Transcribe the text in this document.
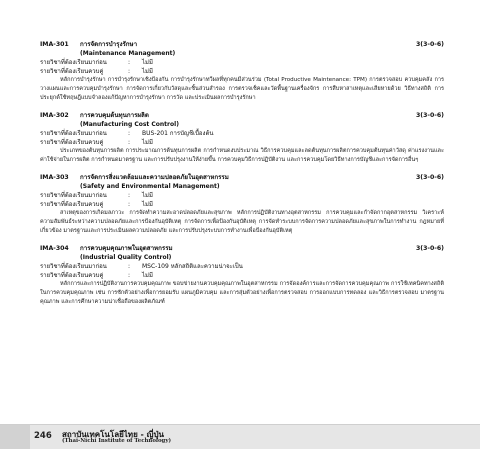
IMA-301	การจัดการบำรุงรักษา	3(3-0-6)
(Maintenance Management)
รายวิชาที่ต้องเรียนมาก่อน	:	ไม่มี
รายวิชาที่ต้องเรียนควบคู่	:	ไม่มี
หลักการบำรุงรักษา การบำรุงรักษาเชิงป้องกัน การบำรุงรักษาทวีผลที่ทุกคนมีส่วนร่วม (Total Productive Maintenance: TPM) การตรวจสอบ ควบคุมคลัง การวางแผนและการควบคุมบำรุงรักษา การจัดการเกี่ยวกับวัสดุและชิ้นส่วนสำรอง การตรวจเช็คและวัดพื้นฐานเครื่องจักร การสืบหาสาเหตุและเสียหายด้วย วิธีทางสถิติ การประยุกต์ใช้ทฤษฎีแบบจำลองแก้ปัญหาการบำรุงรักษา การวัด และประเมินผลการบำรุงรักษา
IMA-302	การควบคุมต้นทุนการผลิต	3(3-0-6)
(Manufacturing Cost Control)
รายวิชาที่ต้องเรียนมาก่อน	:	BUS-201 การบัญชีเบื้องต้น
รายวิชาที่ต้องเรียนควบคู่	:	ไม่มี
ประเภทของต้นทุนการผลิต การประมาณการต้นทุนการผลิต การกำหนดงบประมาณ วิธีการควบคุมและลดต้นทุนการผลิตการควบคุมต้นทุนค่าวัสดุ ค่าแรงงานและค่าใช้จ่ายในการผลิต การกำหนดมาตรฐาน และการปรับปรุงงานให้ง่ายขึ้น การควบคุมวิธีการปฏิบัติงาน และการควบคุมโดยวิธีทางการบัญชีและการจัดการอื่นๆ
IMA-303	การจัดการสิ่งแวดล้อมและความปลอดภัยในอุตสาหกรรม	3(3-0-6)
(Safety and Environmental Management)
รายวิชาที่ต้องเรียนมาก่อน	:	ไม่มี
รายวิชาที่ต้องเรียนควบคู่	:	ไม่มี
สาเหตุของการเกิดมลภาวะ การจัดทำความสะอาดปลอดภัยและสุขภาพ หลักการปฏิบัติงานทางอุตสาหกรรม การควบคุมและกำจัดกากอุตสาหกรรม วิเคราะห์ความสัมพันธ์ระหว่างความปลอดภัยและการป้องกันอุบัติเหตุ การจัดการเพื่อป้องกันอุบัติเหตุ การจัดทำระบบการจัดการความปลอดภัยและสุขภาพในการทำงาน กฎหมายที่เกี่ยวข้อง มาตรฐานและการประเมินผลความปลอดภัย และการปรับปรุงระบบการทำงานเพื่อป้องกันอุบัติเหตุ
IMA-304	การควบคุมคุณภาพในอุตสาหกรรม	3(3-0-6)
(Industrial Quality Control)
รายวิชาที่ต้องเรียนมาก่อน	:	MSC-109 หลักสถิติและความน่าจะเป็น
รายวิชาที่ต้องเรียนควบคู่	:	ไม่มี
หลักการและการปฏิบัติงานการควบคุมคุณภาพ ขอบข่ายงานควบคุมคุณภาพในอุตสาหกรรม การจัดองค์การและการจัดการควบคุมคุณภาพ การใช้เทคนิคทางสถิติในการควบคุมคุณภาพ เช่น การชักตัวอย่างเพื่อการยอมรับ แผนภูมิควบคุม และการสุ่มตัวอย่างเพื่อการตรวจสอบ การออกแบบการทดลอง และวิธีการตรวจสอบ มาตรฐานคุณภาพ และการศึกษาความน่าเชื่อถือของผลิตภัณฑ์
246 สถาบันเทคโนโลยีไทย - ญี่ปุ่น
(Thai-Nichi Institute of Technology)
